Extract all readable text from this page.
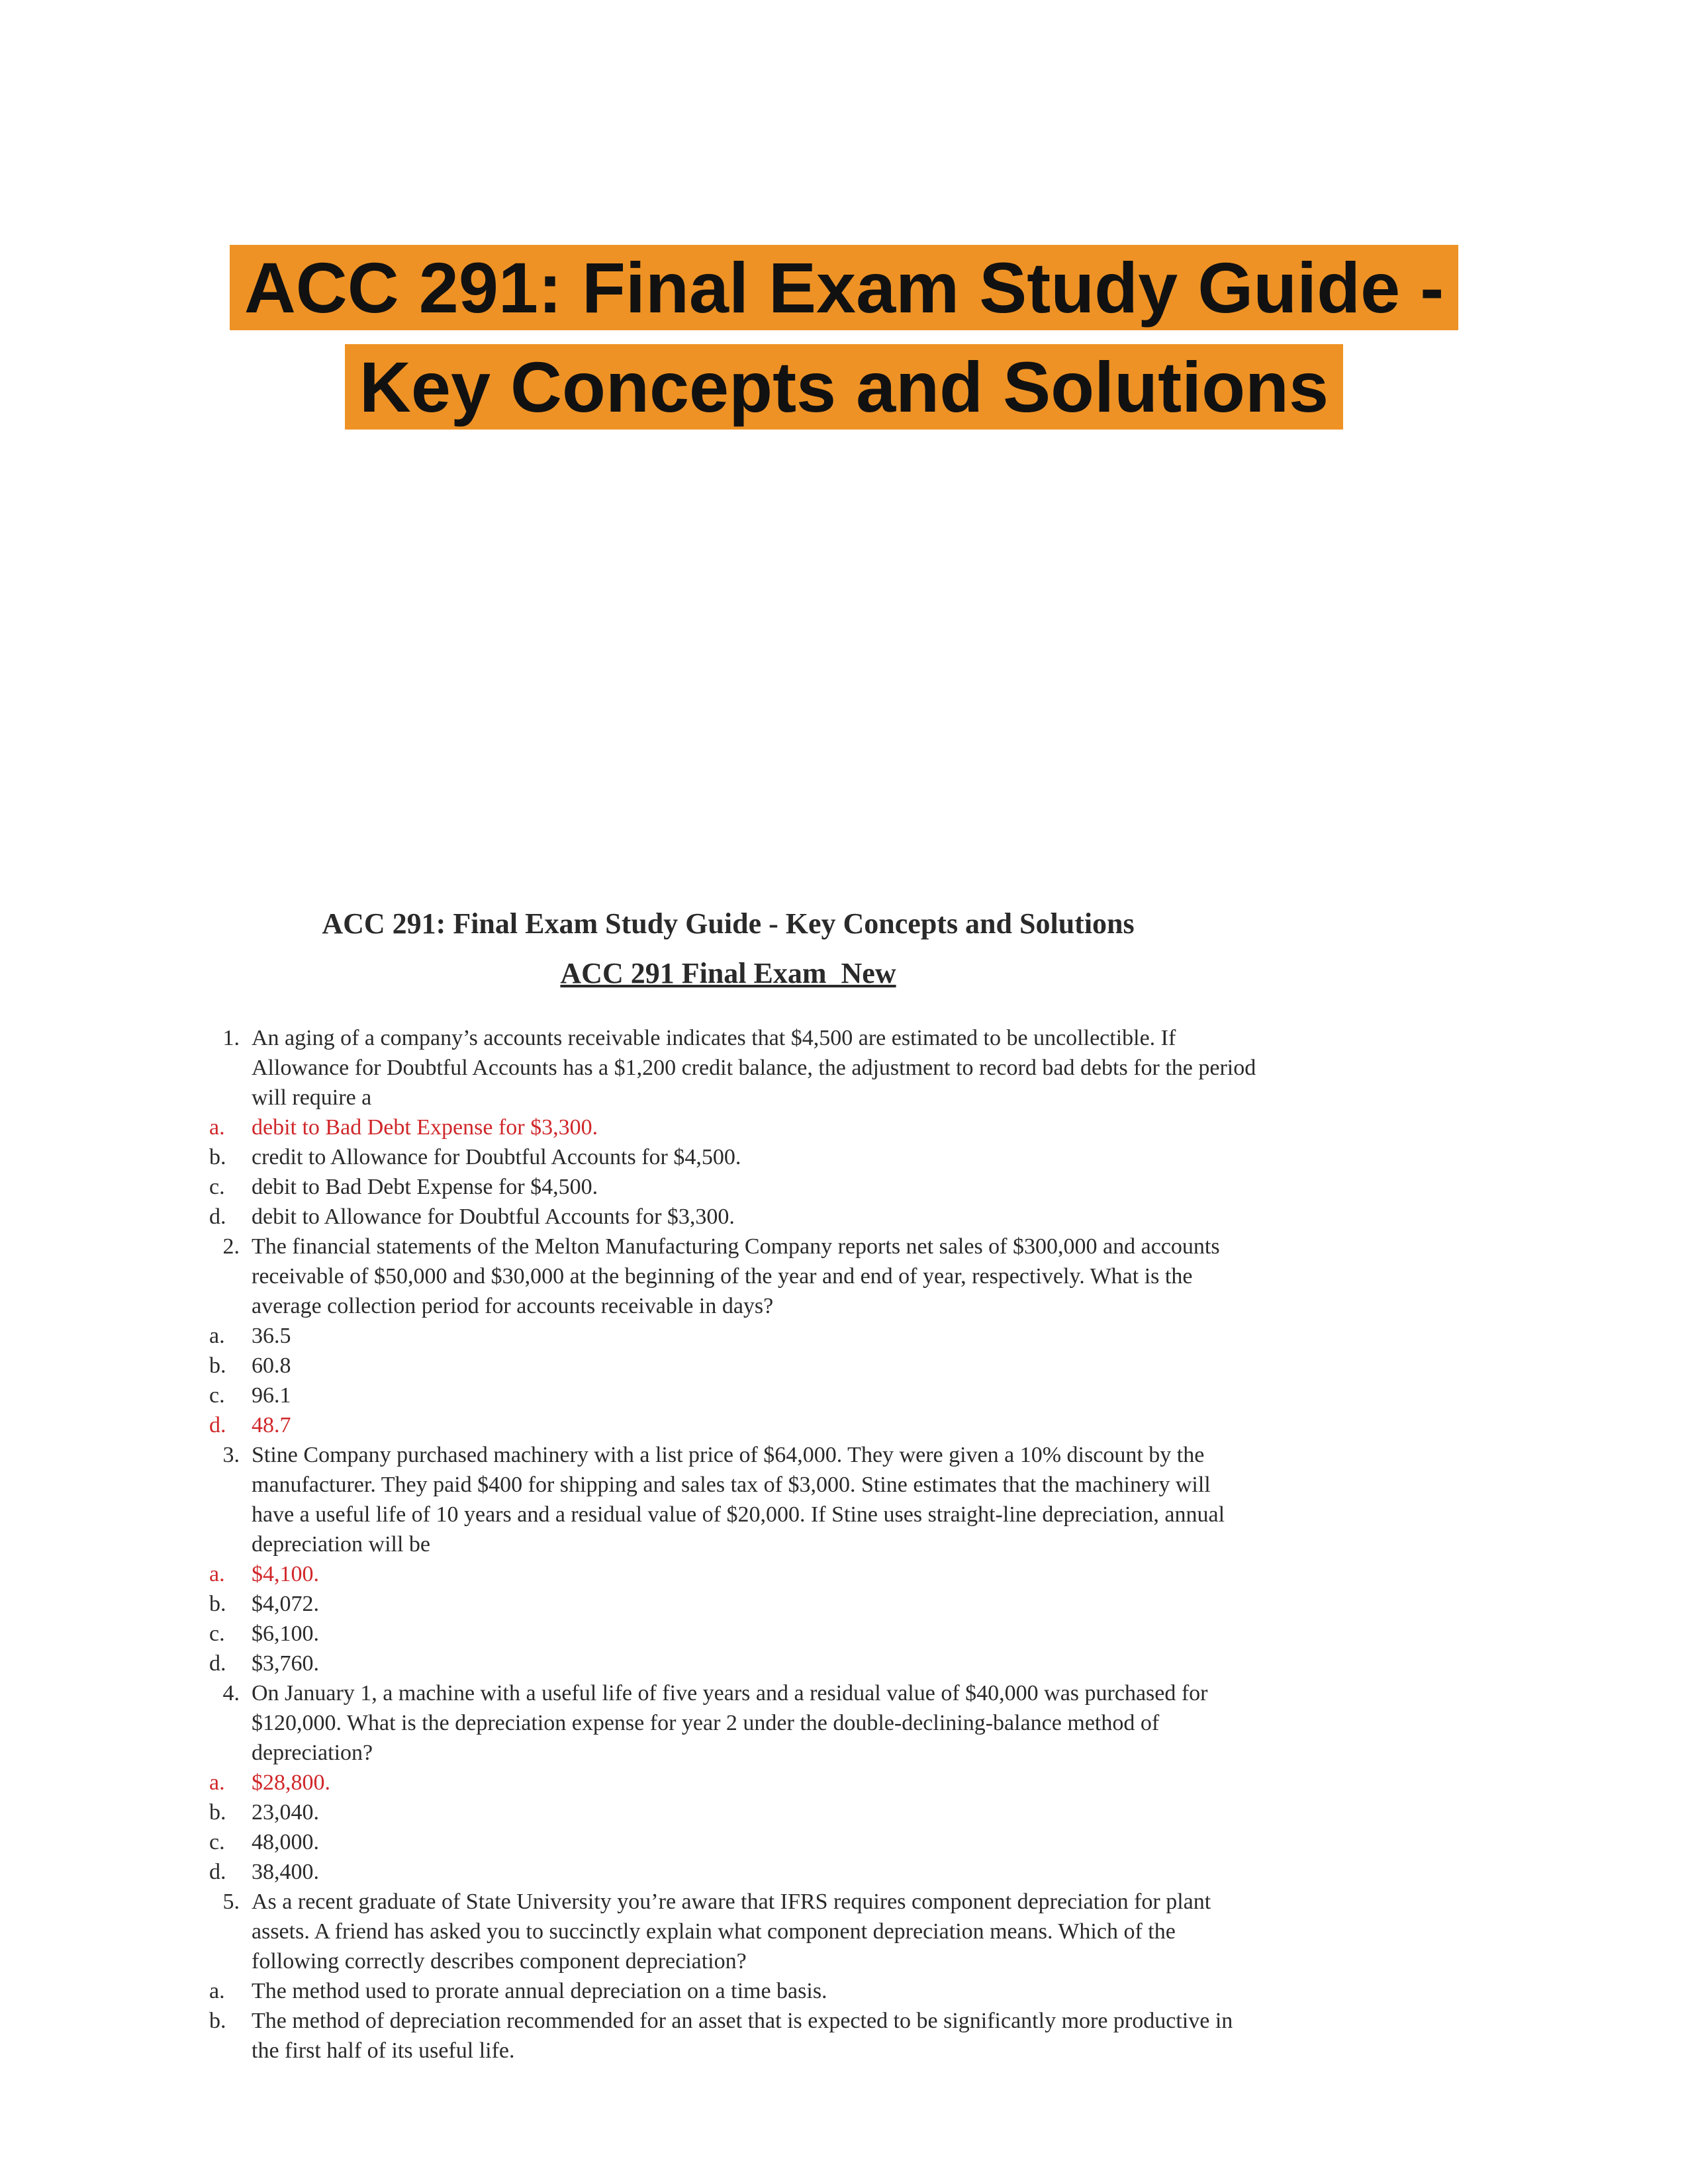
ACC 291: Final Exam Study Guide -
Key Concepts and Solutions
ACC 291: Final Exam Study Guide - Key Concepts and Solutions
ACC 291 Final Exam  New
1. An aging of a company’s accounts receivable indicates that $4,500 are estimated to be uncollectible. If Allowance for Doubtful Accounts has a $1,200 credit balance, the adjustment to record bad debts for the period will require a
a.	debit to Bad Debt Expense for $3,300.
b.	credit to Allowance for Doubtful Accounts for $4,500.
c.	debit to Bad Debt Expense for $4,500.
d.	debit to Allowance for Doubtful Accounts for $3,300.
2. The financial statements of the Melton Manufacturing Company reports net sales of $300,000 and accounts receivable of $50,000 and $30,000 at the beginning of the year and end of year, respectively. What is the average collection period for accounts receivable in days?
a.	36.5
b.	60.8
c.	96.1
d.	48.7
3. Stine Company purchased machinery with a list price of $64,000. They were given a 10% discount by the manufacturer. They paid $400 for shipping and sales tax of $3,000. Stine estimates that the machinery will have a useful life of 10 years and a residual value of $20,000. If Stine uses straight-line depreciation, annual depreciation will be
a.	$4,100.
b.	$4,072.
c.	$6,100.
d.	$3,760.
4. On January 1, a machine with a useful life of five years and a residual value of $40,000 was purchased for $120,000. What is the depreciation expense for year 2 under the double-declining-balance method of depreciation?
a.	$28,800.
b.	23,040.
c.	48,000.
d.	38,400.
5. As a recent graduate of State University you’re aware that IFRS requires component depreciation for plant assets. A friend has asked you to succinctly explain what component depreciation means. Which of the following correctly describes component depreciation?
a.	The method used to prorate annual depreciation on a time basis.
b.	The method of depreciation recommended for an asset that is expected to be significantly more productive in the first half of its useful life.
